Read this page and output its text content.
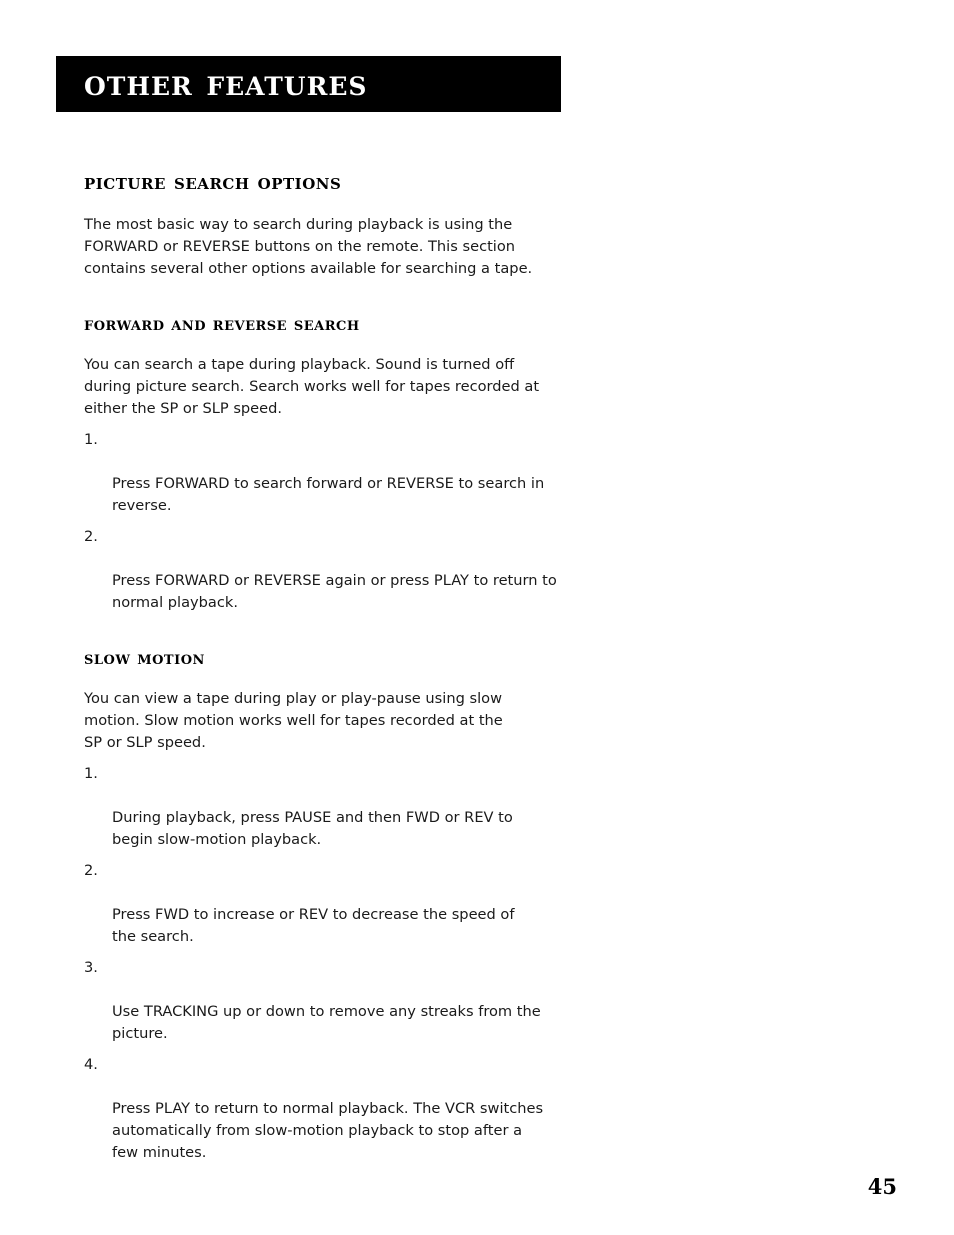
other features
picture search options

The most basic way to search during playback is using the
FORWARD or REVERSE buttons on the remote. This section
contains several other options available for searching a tape.

forward and reverse search

You can search a tape during playback. Sound is turned off
during picture search. Search works well for tapes recorded at
either the SP or SLP speed.

1.

Press FORWARD to search forward or REVERSE to search in
reverse.

2.

Press FORWARD or REVERSE again or press PLAY to return to
normal playback.

slow motion

You can view a tape during play or play-pause using slow
motion. Slow motion works well for tapes recorded at the
SP or SLP speed.

1.

During playback, press PAUSE and then FWD or REV to
begin slow-motion playback.

2.

Press FWD to increase or REV to decrease the speed of
the search.

3.

Use TRACKING up or down to remove any streaks from the
picture.

4.

Press PLAY to return to normal playback. The VCR switches
automatically from slow-motion playback to stop after a
few minutes.

45
